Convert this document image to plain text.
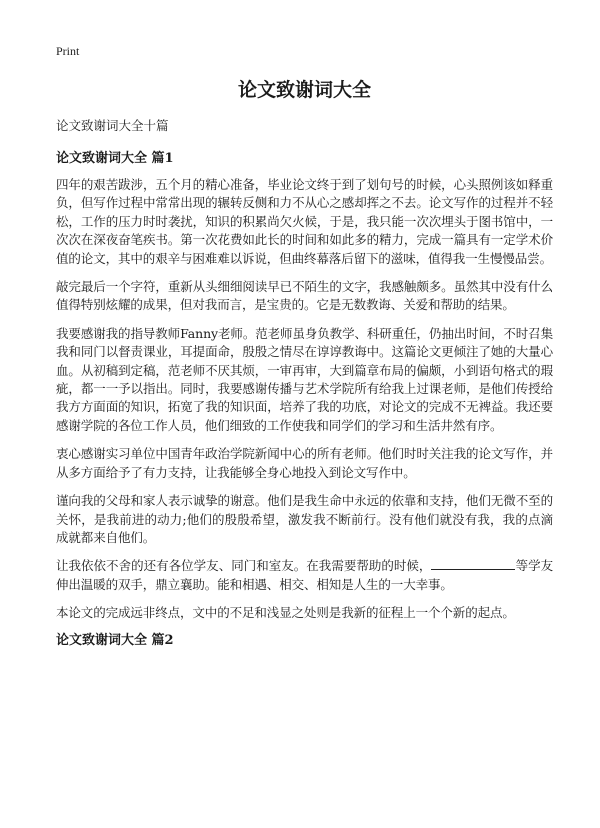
Print
论文致谢词大全

论文致谢词大全十篇

论文致谢词大全 篇1

四年的艰苦跋涉，五个月的精心准备，毕业论文终于到了划句号的时候，心头照例该如释重负，但写作过程中常常出现的辗转反侧和力不从心之感却挥之不去。论文写作的过程并不轻松，工作的压力时时袭扰，知识的积累尚欠火候，于是，我只能一次次埋头于图书馆中，一次次在深夜奋笔疾书。第一次花费如此长的时间和如此多的精力，完成一篇具有一定学术价值的论文，其中的艰辛与困难难以诉说，但曲终幕落后留下的滋味，值得我一生慢慢品尝。

敲完最后一个字符，重新从头细细阅读早已不陌生的文字，我感触颇多。虽然其中没有什么值得特别炫耀的成果，但对我而言，是宝贵的。它是无数教诲、关爱和帮助的结果。

我要感谢我的指导教师Fanny老师。范老师虽身负教学、科研重任，仍抽出时间，不时召集我和同门以督责课业，耳提面命，殷殷之情尽在谆谆教诲中。这篇论文更倾注了她的大量心血。从初稿到定稿，范老师不厌其烦，一审再审，大到篇章布局的偏颇，小到语句格式的瑕疵，都一一予以指出。同时，我要感谢传播与艺术学院所有给我上过课老师，是他们传授给我方方面面的知识，拓宽了我的知识面，培养了我的功底，对论文的完成不无裨益。我还要感谢学院的各位工作人员，他们细致的工作使我和同学们的学习和生活井然有序。

衷心感谢实习单位中国青年政治学院新闻中心的所有老师。他们时时关注我的论文写作，并从多方面给予了有力支持，让我能够全身心地投入到论文写作中。

谨向我的父母和家人表示诚挚的谢意。他们是我生命中永远的依靠和支持，他们无微不至的关怀，是我前进的动力;他们的殷殷希望，激发我不断前行。没有他们就没有我，我的点滴成就都来自他们。

让我依依不舍的还有各位学友、同门和室友。在我需要帮助的时候，	等学友伸出温暖的双手，鼎立襄助。能和相遇、相交、相知是人生的一大幸事。

本论文的完成远非终点，文中的不足和浅显之处则是我新的征程上一个个新的起点。

论文致谢词大全 篇2
